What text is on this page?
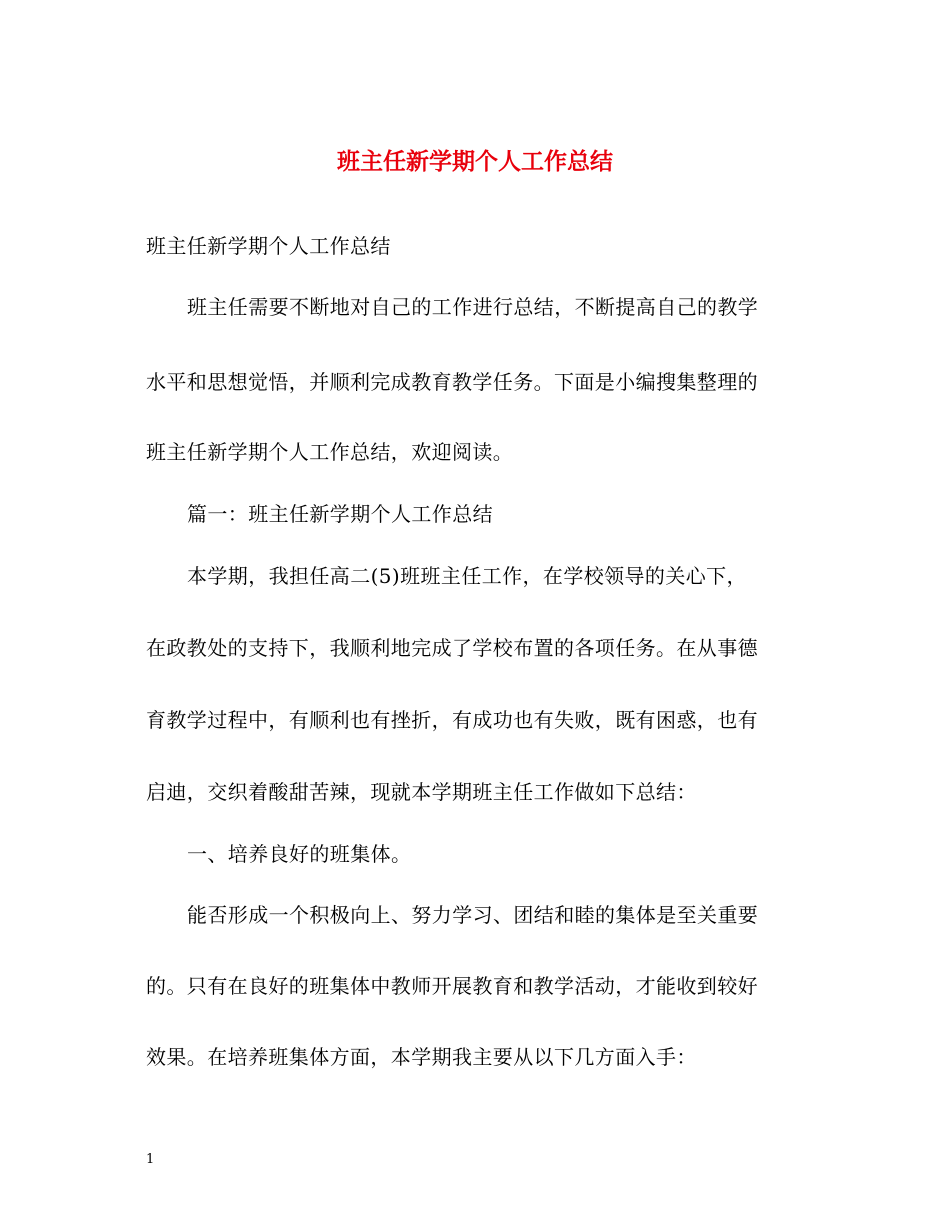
班主任新学期个人工作总结
班主任新学期个人工作总结
班主任需要不断地对自己的工作进行总结，不断提高自己的教学
水平和思想觉悟，并顺利完成教育教学任务。下面是小编搜集整理的
班主任新学期个人工作总结，欢迎阅读。
篇一：班主任新学期个人工作总结
本学期，我担任高二(5)班班主任工作，在学校领导的关心下，
在政教处的支持下，我顺利地完成了学校布置的各项任务。在从事德
育教学过程中，有顺利也有挫折，有成功也有失败，既有困惑，也有
启迪，交织着酸甜苦辣，现就本学期班主任工作做如下总结：
一、培养良好的班集体。
能否形成一个积极向上、努力学习、团结和睦的集体是至关重要
的。只有在良好的班集体中教师开展教育和教学活动，才能收到较好
效果。在培养班集体方面，本学期我主要从以下几方面入手：
1
